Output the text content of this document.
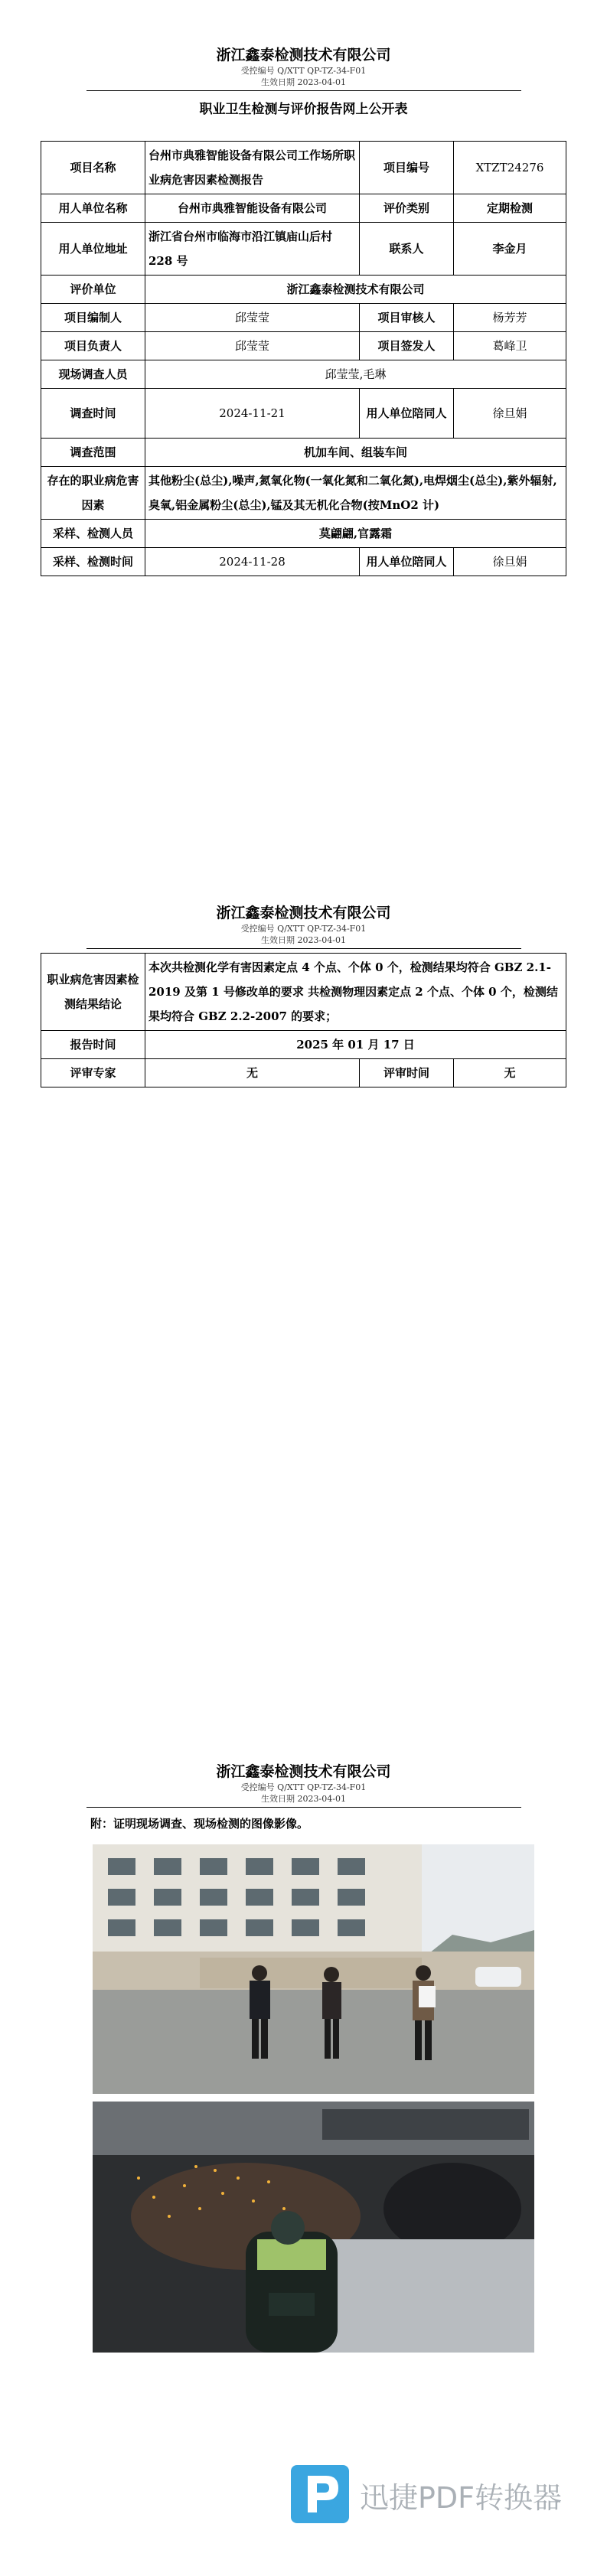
浙江鑫泰检测技术有限公司
受控编号 Q/XTT QP-TZ-34-F01
生效日期 2023-04-01
职业卫生检测与评价报告网上公开表
项目名称	台州市典雅智能设备有限公司工作场所职业病危害因素检测报告	项目编号	XTZT24276
用人单位名称	台州市典雅智能设备有限公司	评价类别	定期检测
用人单位地址	浙江省台州市临海市沿江镇庙山后村 228 号	联系人	李金月
评价单位	浙江鑫泰检测技术有限公司		
项目编制人	邱莹莹	项目审核人	杨芳芳
项目负责人	邱莹莹	项目签发人	葛峰卫
现场调查人员	邱莹莹,毛琳		
调查时间	2024-11-21	用人单位陪同人	徐旦娟
调查范围	机加车间、组装车间		
存在的职业病危害因素	其他粉尘(总尘),噪声,氮氧化物(一氧化氮和二氧化氮),电焊烟尘(总尘),紫外辐射,臭氧,铝金属粉尘(总尘),锰及其无机化合物(按MnO2 计)		
采样、检测人员	莫翩翩,官露霜		
采样、检测时间	2024-11-28	用人单位陪同人	徐旦娟
浙江鑫泰检测技术有限公司
受控编号 Q/XTT QP-TZ-34-F01
生效日期 2023-04-01
职业病危害因素检测结果结论	本次共检测化学有害因素定点 4 个点、个体 0 个，检测结果均符合 GBZ 2.1-2019 及第 1 号修改单的要求 共检测物理因素定点 2 个点、个体 0 个，检测结果均符合 GBZ 2.2-2007 的要求；		
报告时间	2025 年 01 月 17 日		
评审专家	无	评审时间	无
浙江鑫泰检测技术有限公司
受控编号 Q/XTT QP-TZ-34-F01
生效日期 2023-04-01
附：证明现场调查、现场检测的图像影像。
迅捷PDF转换器
